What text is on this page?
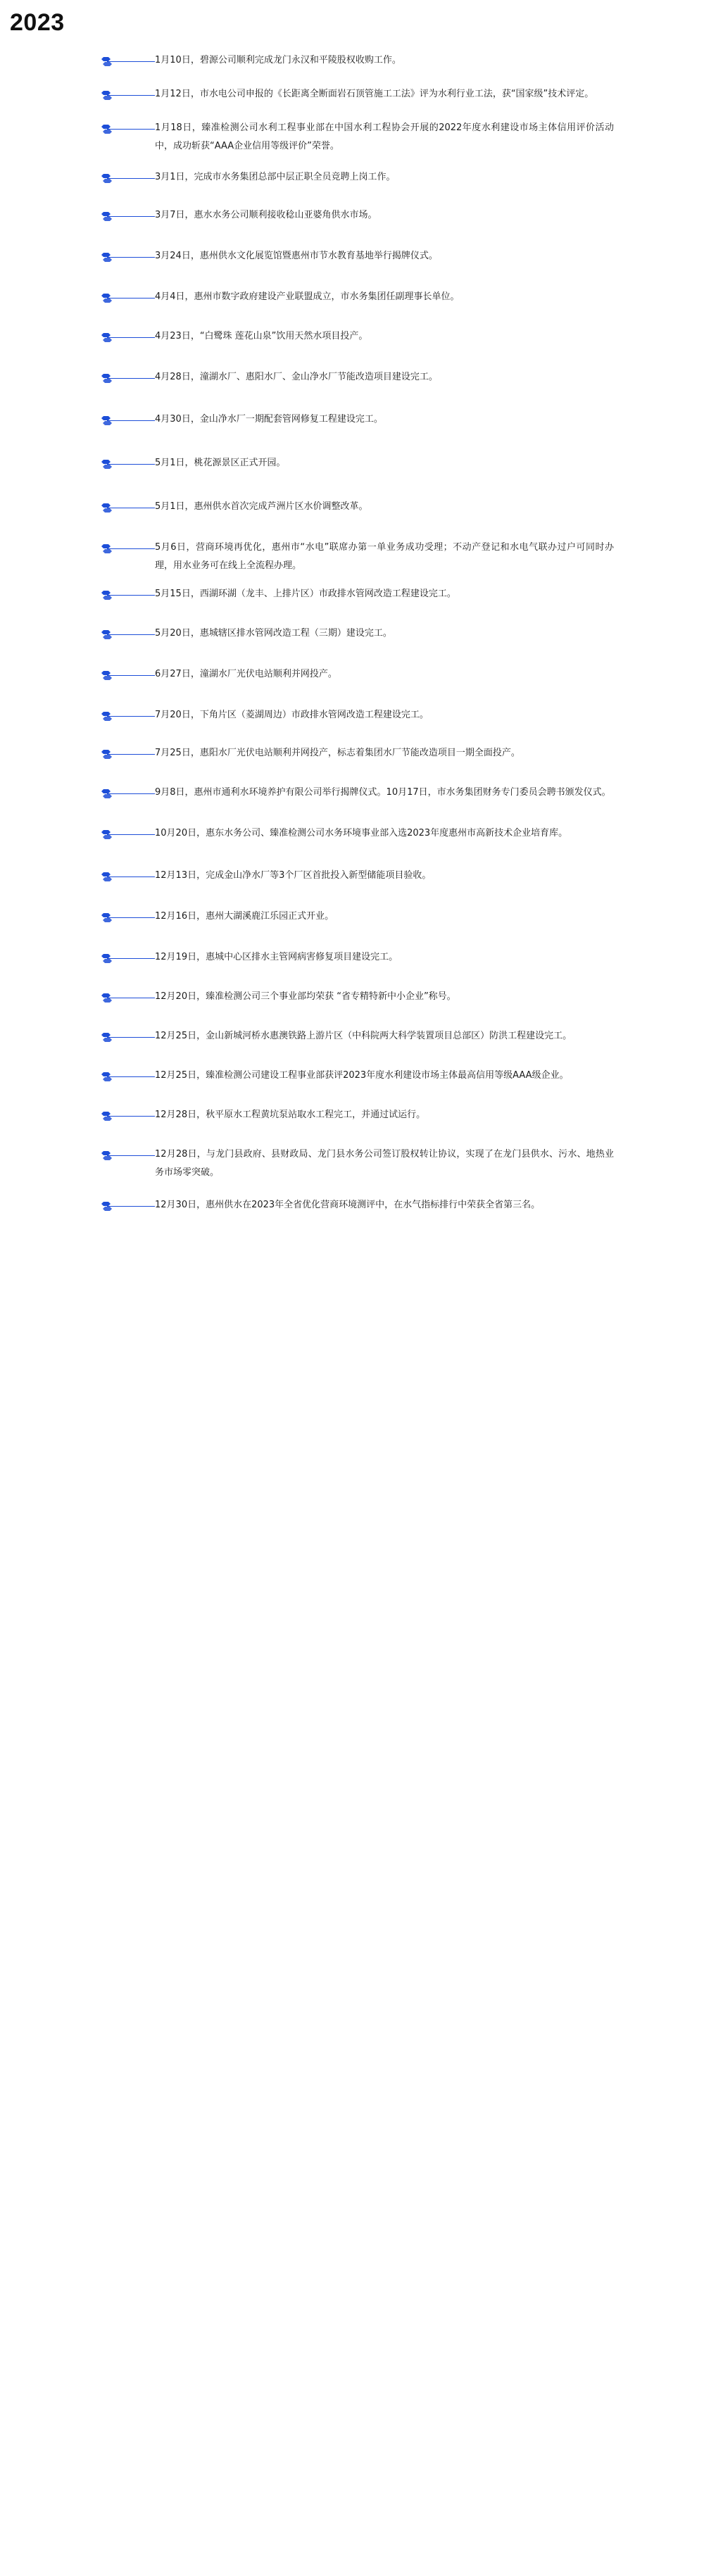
2023
1月10日，碧源公司顺利完成龙门永汉和平陵股权收购工作。
1月12日，市水电公司申报的《长距离全断面岩石顶管施工工法》评为水利行业工法，获“国家级”技术评定。
1月18日，臻准检测公司水利工程事业部在中国水利工程协会开展的2022年度水利建设市场主体信用评价活动中，成功斩获“AAA企业信用等级评价”荣誉。
3月1日，完成市水务集团总部中层正职全员竞聘上岗工作。
3月7日，惠水水务公司顺利接收稔山亚婆角供水市场。
3月24日，惠州供水文化展览馆暨惠州市节水教育基地举行揭牌仪式。
4月4日，惠州市数字政府建设产业联盟成立，市水务集团任副理事长单位。
4月23日，“白鹭珠 莲花山泉”饮用天然水项目投产。
4月28日，潼湖水厂、惠阳水厂、金山净水厂节能改造项目建设完工。
4月30日，金山净水厂一期配套管网修复工程建设完工。
5月1日，桃花源景区正式开园。
5月1日，惠州供水首次完成芦洲片区水价调整改革。
5月6日，营商环境再优化，惠州市“水电”联席办第一单业务成功受理；不动产登记和水电气联办过户可同时办理，用水业务可在线上全流程办理。
5月15日，西湖环湖（龙丰、上排片区）市政排水管网改造工程建设完工。
5月20日，惠城辖区排水管网改造工程（三期）建设完工。
6月27日，潼湖水厂光伏电站顺利并网投产。
7月20日，下角片区（菱湖周边）市政排水管网改造工程建设完工。
7月25日，惠阳水厂光伏电站顺利并网投产，标志着集团水厂节能改造项目一期全面投产。
9月8日，惠州市通利水环境养护有限公司举行揭牌仪式。10月17日，市水务集团财务专门委员会聘书颁发仪式。
10月20日，惠东水务公司、臻准检测公司水务环境事业部入选2023年度惠州市高新技术企业培育库。
12月13日，完成金山净水厂等3个厂区首批投入新型储能项目验收。
12月16日，惠州大湖溪鹿江乐园正式开业。
12月19日，惠城中心区排水主管网病害修复项目建设完工。
12月20日，臻准检测公司三个事业部均荣获 “省专精特新中小企业”称号。
12月25日，金山新城河桥水惠澳铁路上游片区（中科院两大科学装置项目总部区）防洪工程建设完工。
12月25日，臻准检测公司建设工程事业部获评2023年度水利建设市场主体最高信用等级AAA级企业。
12月28日，秋平原水工程黄坑泵站取水工程完工，并通过试运行。
12月28日，与龙门县政府、县财政局、龙门县水务公司签订股权转让协议，实现了在龙门县供水、污水、地热业务市场零突破。
12月30日，惠州供水在2023年全省优化营商环境测评中，在水气指标排行中荣获全省第三名。
